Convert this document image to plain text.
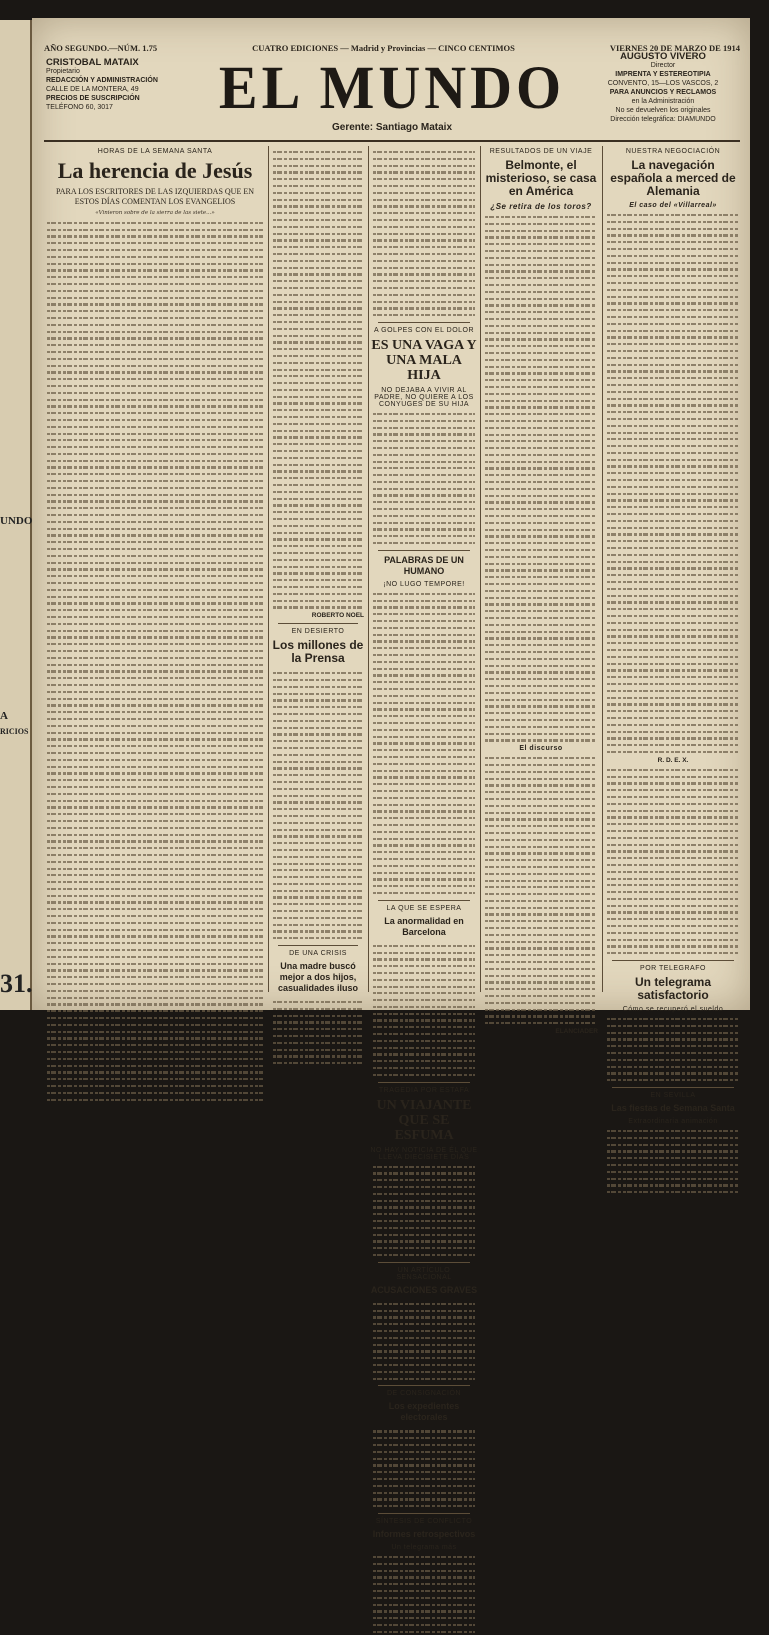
UNDO
A
RICIOS
31.
AÑO SEGUNDO.—NÚM. 1.75	CUATRO EDICIONES — Madrid y Provincias — CINCO CENTIMOS	VIERNES 20 DE MARZO DE 1914
CRISTOBAL MATAIX
Propietario
REDACCIÓN Y ADMINISTRACIÓN
CALLE DE LA MONTERA, 49
PRECIOS DE SUSCRIPCIÓN
TELÉFONO 60, 3017	EL MUNDO
Gerente: Santiago Mataix
AUGUSTO VIVERO
Director
IMPRENTA Y ESTEREOTIPIA
CONVENTO, 15—LOS VASCOS, 2
PARA ANUNCIOS Y RECLAMOS
en la Administración
No se devuelven los originales
Dirección telegráfica: DIAMUNDO
HORAS DE LA SEMANA SANTA
La herencia de Jesús
PARA LOS ESCRITORES DE LAS IZQUIERDAS QUE EN ESTOS DÍAS COMENTAN LOS EVANGELIOS
«Vinieron sobre de la sierra de las siete...»
ROBERTO NOEL
EN DESIERTO
Los millones de la Prensa
DE UNA CRISIS
Una madre buscó mejor a dos hijos, casualidades iluso
A GOLPES CON EL DOLOR
ES UNA VAGA Y UNA MALA HIJA
NO DEJABA A VIVIR AL PADRE, NO QUIERE A LOS CONYUGES DE SU HIJA
PALABRAS DE UN HUMANO
¡NO LUGO TEMPORE!
LA QUE SE ESPERA
La anormalidad en Barcelona
TRAGEDIA POR ESTAFA
UN VIAJANTE QUE SE ESFUMA
NO HAY NOTICIA DE ÉL QUE LLEVA DIECISIETE DÍAS
UN ARTÍCULO SENSACIONAL
ACUSACIONES GRAVES
DE CONSIGNACIÓN
Los expedientes electorales
SÍNTESIS DE CONFLICTO
Informes retrospectivos
Un telegrama más
NUESTRA NEGOCIACIÓN
La navegación española a merced de Alemania
El caso del «Villarreal»
R. D. E. X.
POR TELEGRAFO
Un telegrama satisfactorio
Cómo se recuperó el sueldo
EN SEVILLA
Las fiestas de Semana Santa
Extraordinaria animación
RESULTADOS DE UN VIAJE
Belmonte, el misterioso, se casa en América
¿Se retira de los toros?
El discurso
ELANCIADER
